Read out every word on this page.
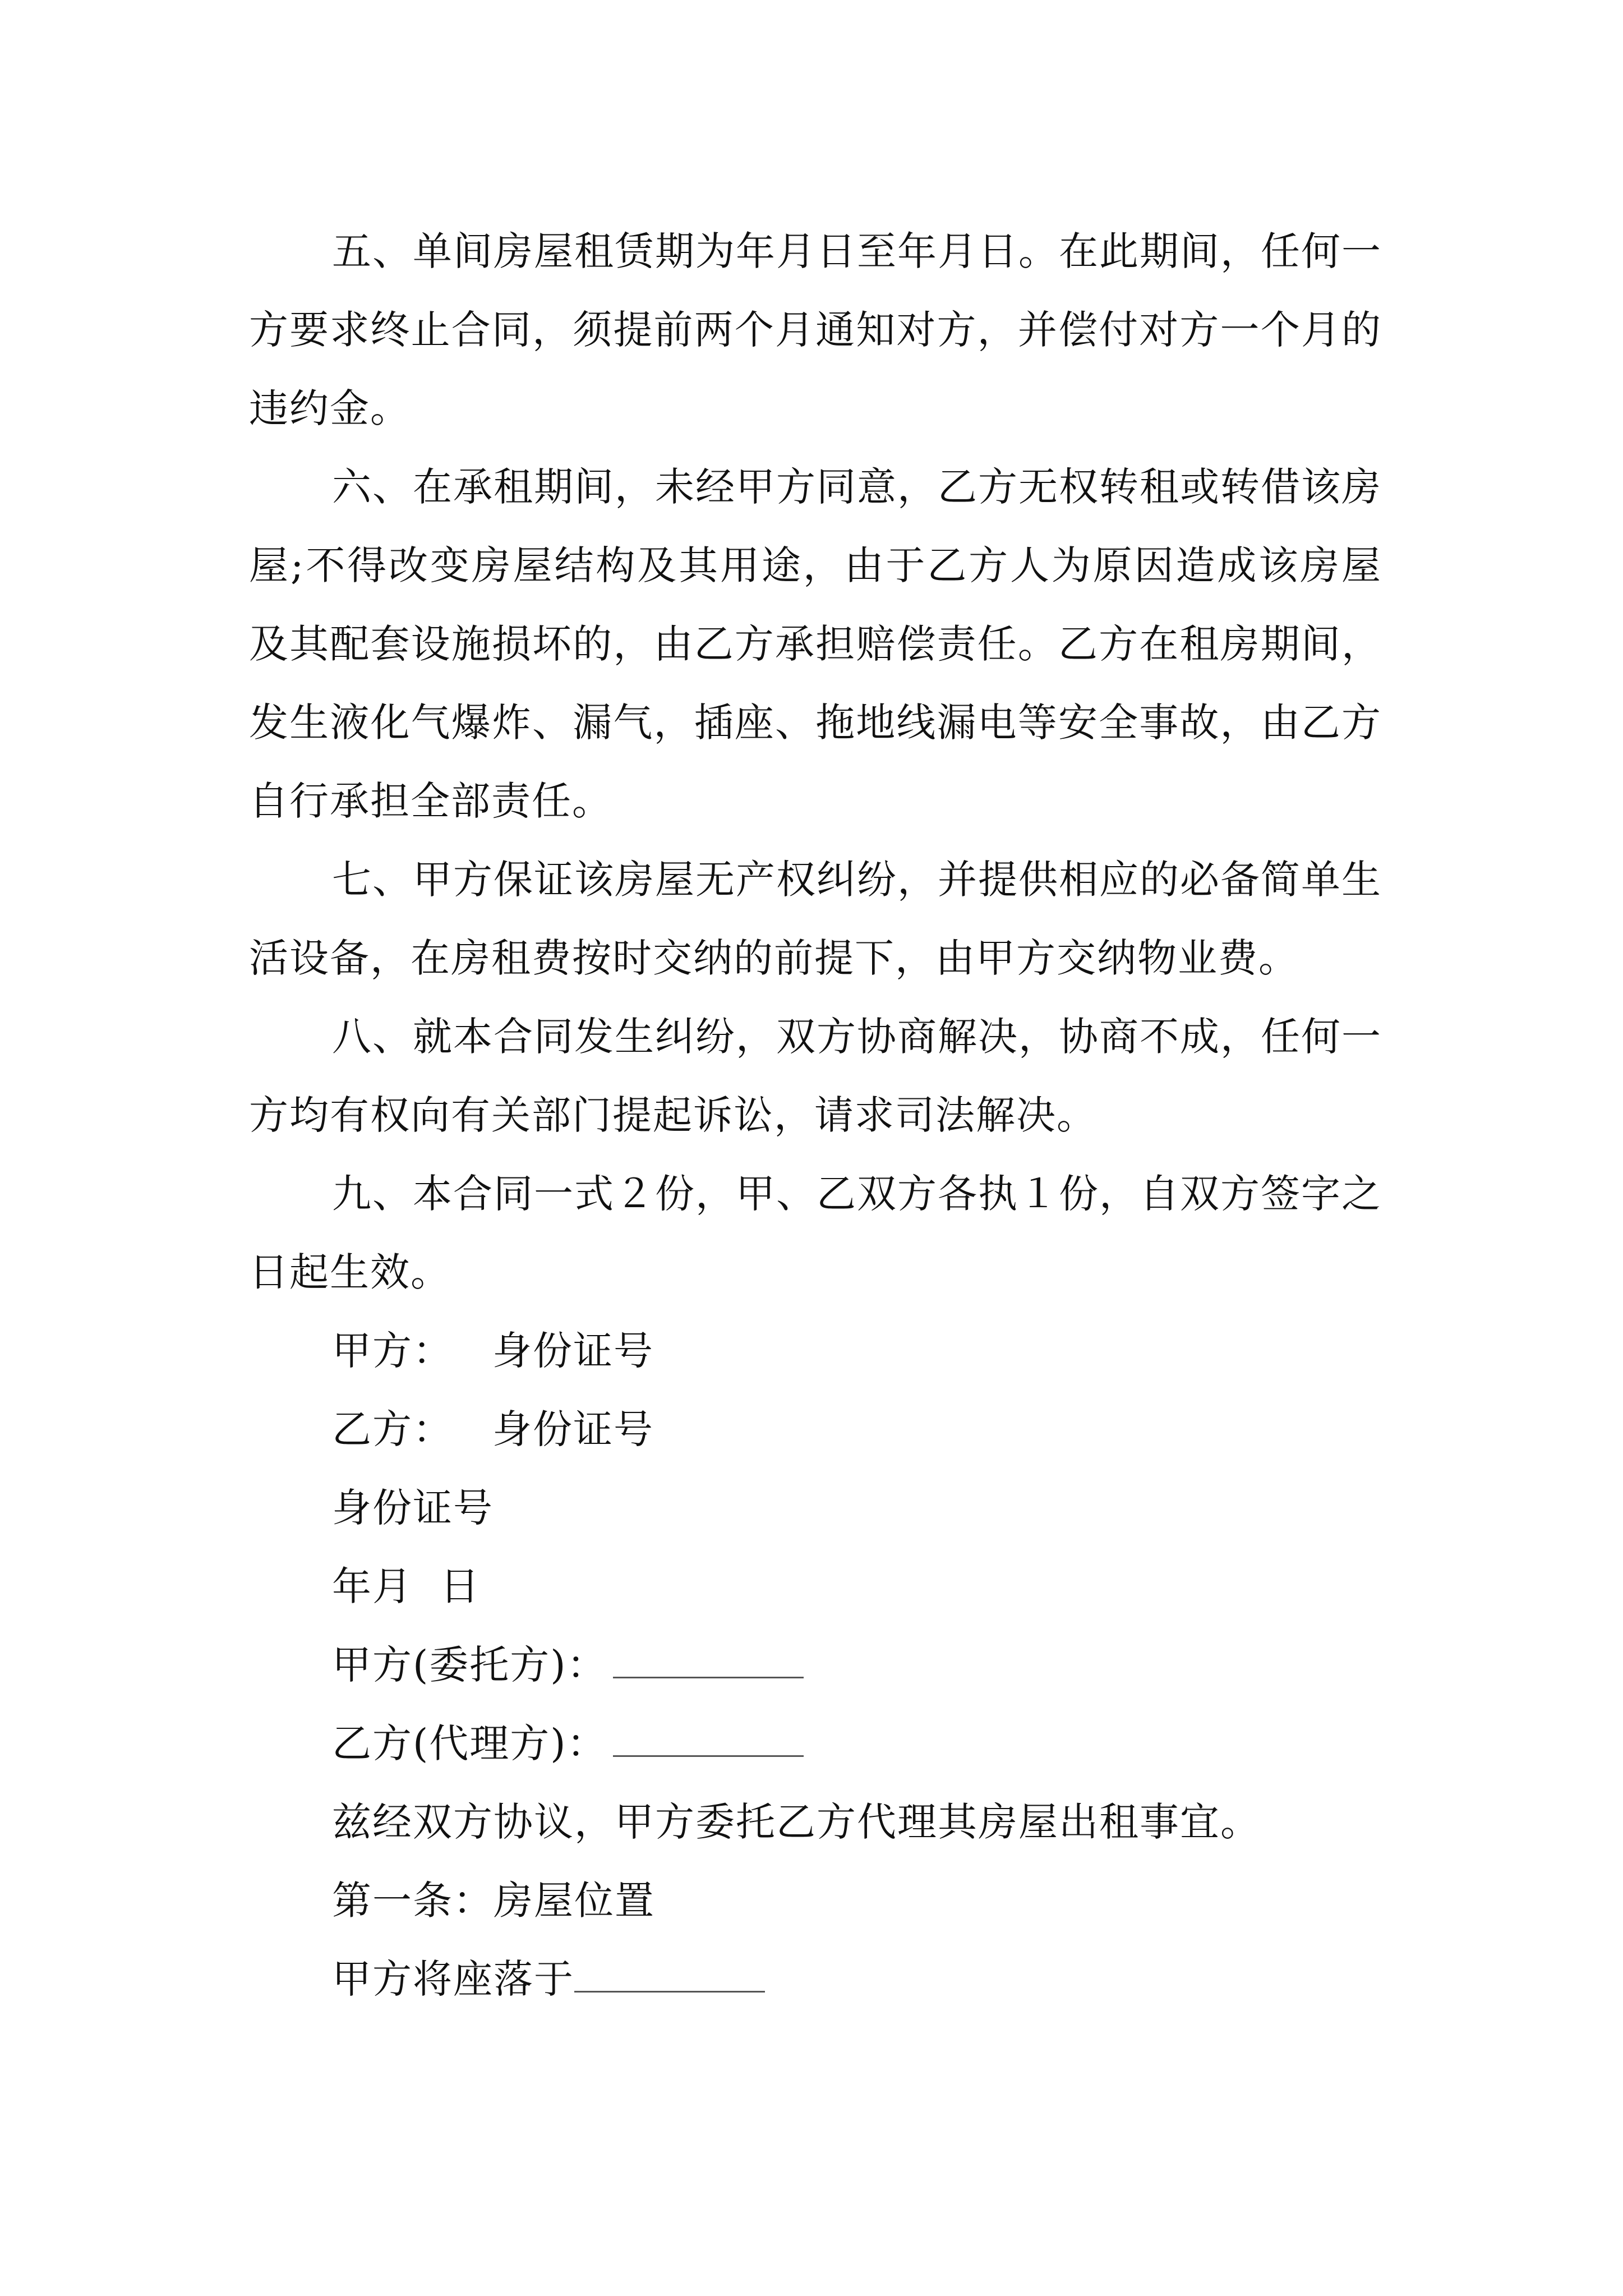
五、单间房屋租赁期为年月日至年月日。在此期间，任何一方要求终止合同，须提前两个月通知对方，并偿付对方一个月的违约金。

六、在承租期间，未经甲方同意，乙方无权转租或转借该房屋;不得改变房屋结构及其用途，由于乙方人为原因造成该房屋及其配套设施损坏的，由乙方承担赔偿责任。乙方在租房期间，发生液化气爆炸、漏气，插座、拖地线漏电等安全事故，由乙方自行承担全部责任。

七、甲方保证该房屋无产权纠纷，并提供相应的必备简单生活设备，在房租费按时交纳的前提下，由甲方交纳物业费。

八、就本合同发生纠纷，双方协商解决，协商不成，任何一方均有权向有关部门提起诉讼，请求司法解决。

九、本合同一式２份，甲、乙双方各执１份，自双方签字之日起生效。

甲方： 身份证号

乙方： 身份证号

身份证号

年月  日

甲方(委托方)：

乙方(代理方)：

兹经双方协议，甲方委托乙方代理其房屋出租事宜。

第一条：房屋位置

甲方将座落于
